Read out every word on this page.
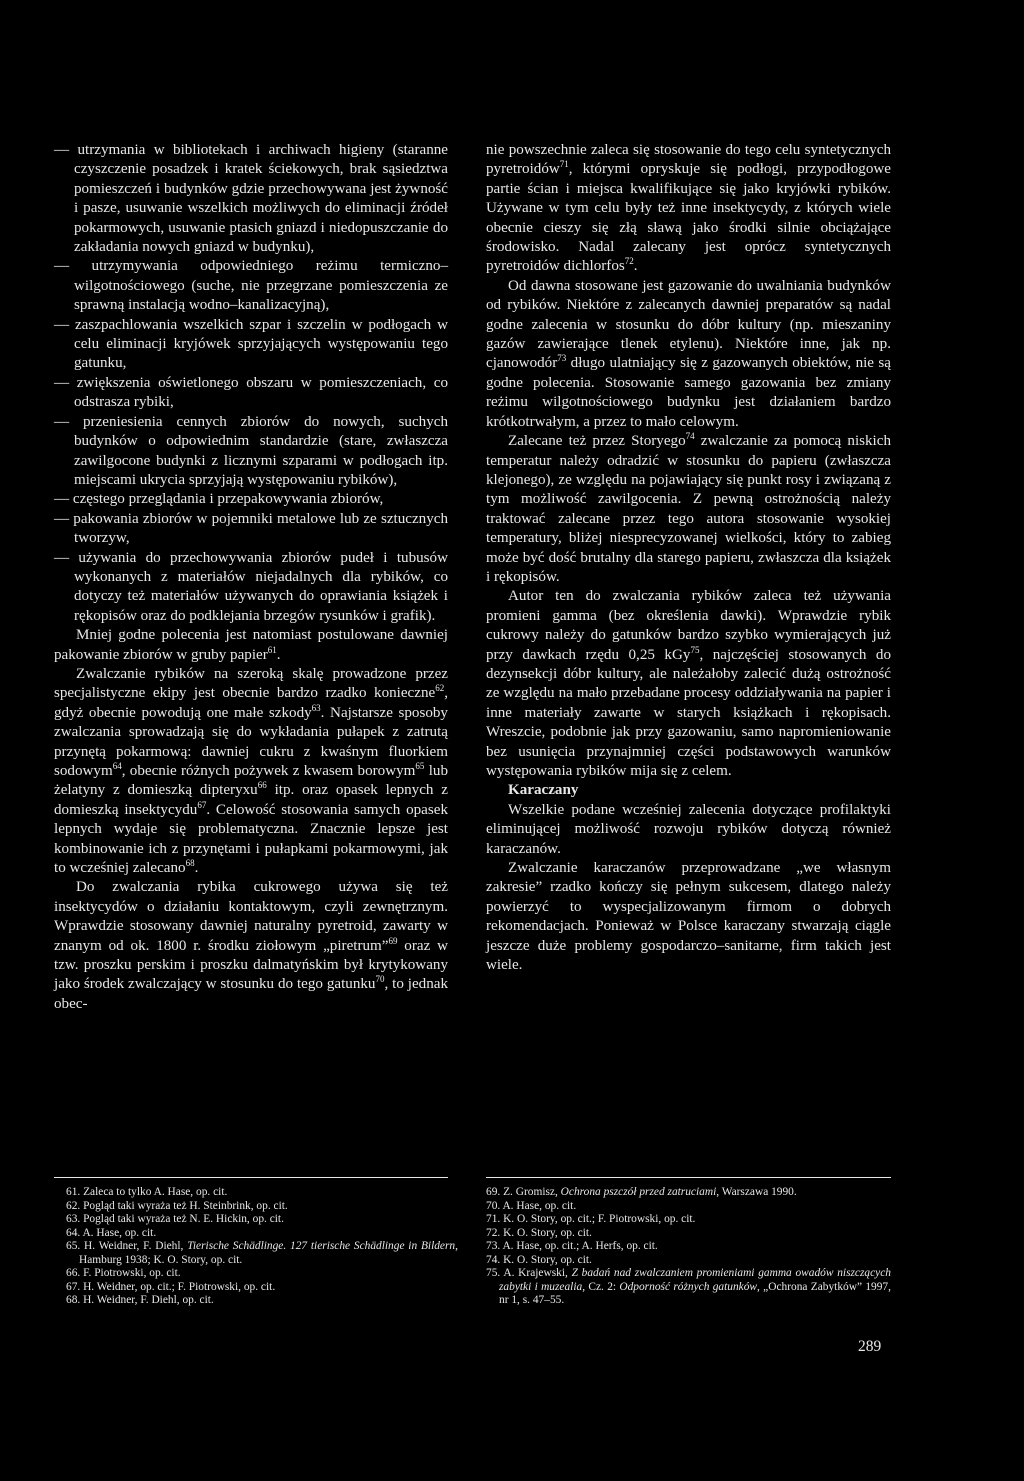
— utrzymania w bibliotekach i archiwach higieny (staranne czyszczenie posadzek i kratek ściekowych, brak sąsiedztwa pomieszczeń i budynków gdzie przechowywana jest żywność i pasze, usuwanie wszelkich możliwych do eliminacji źródeł pokarmowych, usuwanie ptasich gniazd i niedopuszczanie do zakładania nowych gniazd w budynku),

— utrzymywania odpowiedniego reżimu termiczno–wilgotnościowego (suche, nie przegrzane pomieszczenia ze sprawną instalacją wodno–kanalizacyjną),

— zaszpachlowania wszelkich szpar i szczelin w podłogach w celu eliminacji kryjówek sprzyjających występowaniu tego gatunku,

— zwiększenia oświetlonego obszaru w pomieszczeniach, co odstrasza rybiki,

— przeniesienia cennych zbiorów do nowych, suchych budynków o odpowiednim standardzie (stare, zwłaszcza zawilgocone budynki z licznymi szparami w podłogach itp. miejscami ukrycia sprzyjają występowaniu rybików),

— częstego przeglądania i przepakowywania zbiorów,

— pakowania zbiorów w pojemniki metalowe lub ze sztucznych tworzyw,

— używania do przechowywania zbiorów pudeł i tubusów wykonanych z materiałów niejadalnych dla rybików, co dotyczy też materiałów używanych do oprawiania książek i rękopisów oraz do podklejania brzegów rysunków i grafik).

Mniej godne polecenia jest natomiast postulowane dawniej pakowanie zbiorów w gruby papier$^{61}$.

Zwalczanie rybików na szeroką skalę prowadzone przez specjalistyczne ekipy jest obecnie bardzo rzadko konieczne$^{62}$, gdyż obecnie powodują one małe szkody$^{63}$. Najstarsze sposoby zwalczania sprowadzają się do wykładania pułapek z zatrutą przynętą pokarmową: dawniej cukru z kwaśnym fluorkiem sodowym$^{64}$, obecnie różnych pożywek z kwasem borowym$^{65}$ lub żelatyny z domieszką dipteryxu$^{66}$ itp. oraz opasek lepnych z domieszką insektycydu$^{67}$. Celowość stosowania samych opasek lepnych wydaje się problematyczna. Znacznie lepsze jest kombinowanie ich z przynętami i pułapkami pokarmowymi, jak to wcześniej zalecano$^{68}$.

Do zwalczania rybika cukrowego używa się też insektycydów o działaniu kontaktowym, czyli zewnętrznym. Wprawdzie stosowany dawniej naturalny pyretroid, zawarty w znanym od ok. 1800 r. środku ziołowym „piretrum”$^{69}$ oraz w tzw. proszku perskim i proszku dalmatyńskim był krytykowany jako środek zwalczający w stosunku do tego gatunku$^{70}$, to jednak obec-

nie powszechnie zaleca się stosowanie do tego celu syntetycznych pyretroidów$^{71}$, którymi opryskuje się podłogi, przypodłogowe partie ścian i miejsca kwalifikujące się jako kryjówki rybików. Używane w tym celu były też inne insektycydy, z których wiele obecnie cieszy się złą sławą jako środki silnie obciążające środowisko. Nadal zalecany jest oprócz syntetycznych pyretroidów dichlorfos$^{72}$.

Od dawna stosowane jest gazowanie do uwalniania budynków od rybików. Niektóre z zalecanych dawniej preparatów są nadal godne zalecenia w stosunku do dóbr kultury (np. mieszaniny gazów zawierające tlenek etylenu). Niektóre inne, jak np. cjanowodór$^{73}$ długo ulatniający się z gazowanych obiektów, nie są godne polecenia. Stosowanie samego gazowania bez zmiany reżimu wilgotnościowego budynku jest działaniem bardzo krótkotrwałym, a przez to mało celowym.

Zalecane też przez Storyego$^{74}$ zwalczanie za pomocą niskich temperatur należy odradzić w stosunku do papieru (zwłaszcza klejonego), ze względu na pojawiający się punkt rosy i związaną z tym możliwość zawilgocenia. Z pewną ostrożnością należy traktować zalecane przez tego autora stosowanie wysokiej temperatury, bliżej niesprecyzowanej wielkości, który to zabieg może być dość brutalny dla starego papieru, zwłaszcza dla książek i rękopisów.

Autor ten do zwalczania rybików zaleca też używania promieni gamma (bez określenia dawki). Wprawdzie rybik cukrowy należy do gatunków bardzo szybko wymierających już przy dawkach rzędu 0,25 kGy$^{75}$, najczęściej stosowanych do dezynsekcji dóbr kultury, ale należałoby zalecić dużą ostrożność ze względu na mało przebadane procesy oddziaływania na papier i inne materiały zawarte w starych książkach i rękopisach. Wreszcie, podobnie jak przy gazowaniu, samo napromieniowanie bez usunięcia przynajmniej części podstawowych warunków występowania rybików mija się z celem.

Karaczany

Wszelkie podane wcześniej zalecenia dotyczące profilaktyki eliminującej możliwość rozwoju rybików dotyczą również karaczanów.

Zwalczanie karaczanów przeprowadzane „we własnym zakresie” rzadko kończy się pełnym sukcesem, dlatego należy powierzyć to wyspecjalizowanym firmom o dobrych rekomendacjach. Ponieważ w Polsce karaczany stwarzają ciągle jeszcze duże problemy gospodarczo–sanitarne, firm takich jest wiele.

61. Zaleca to tylko A. Hase, op. cit.

62. Pogląd taki wyraża też H. Steinbrink, op. cit.

63. Pogląd taki wyraża też N. E. Hickin, op. cit.

64. A. Hase, op. cit.

65. H. Weidner, F. Diehl, Tierische Schädlinge. 127 tierische Schädlinge in Bildern, Hamburg 1938; K. O. Story, op. cit.

66. F. Piotrowski, op. cit.

67. H. Weidner, op. cit.; F. Piotrowski, op. cit.

68. H. Weidner, F. Diehl, op. cit.

69. Z. Gromisz, Ochrona pszczół przed zatruciami, Warszawa 1990.

70. A. Hase, op. cit.

71. K. O. Story, op. cit.; F. Piotrowski, op. cit.

72. K. O. Story, op. cit.

73. A. Hase, op. cit.; A. Herfs, op. cit.

74. K. O. Story, op. cit.

75. A. Krajewski, Z badań nad zwalczaniem promieniami gamma owadów niszczących zabytki i muzealia, Cz. 2: Odporność różnych gatunków, „Ochrona Zabytków” 1997, nr 1, s. 47–55.

289
